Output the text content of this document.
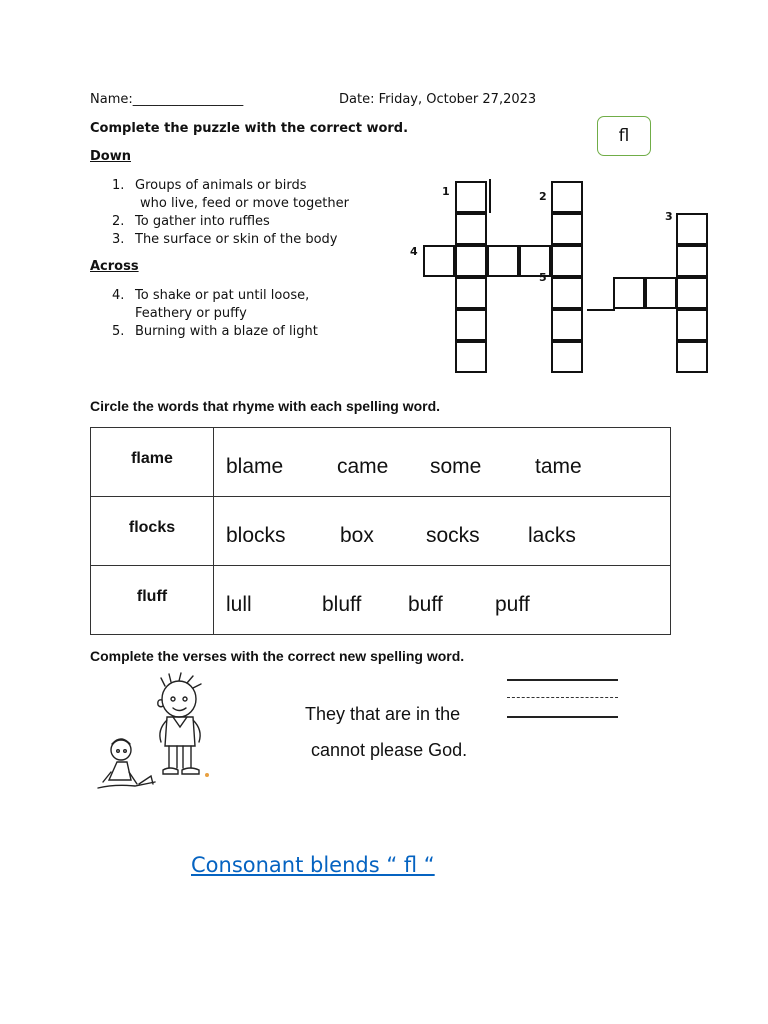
Name:_________________	Date: Friday, October 27,2023
fl
Complete the puzzle with the correct word.
Down
1. Groups of animals or birds
who live, feed or move together
2. To gather into ruffles
3. The surface or skin of the body
Across
4. To shake or pat until loose,
Feathery or puffy
5. Burning with a blaze of light
1	2
3
4
5
Circle the words that rhyme with each spelling word.
flame	blame came some tame

flocks	blocks box socks lacks

fluff	lull bluff buff puff
Complete the verses with the correct new spelling word.
They that are in the
cannot please God.
Consonant blends “ fl “
